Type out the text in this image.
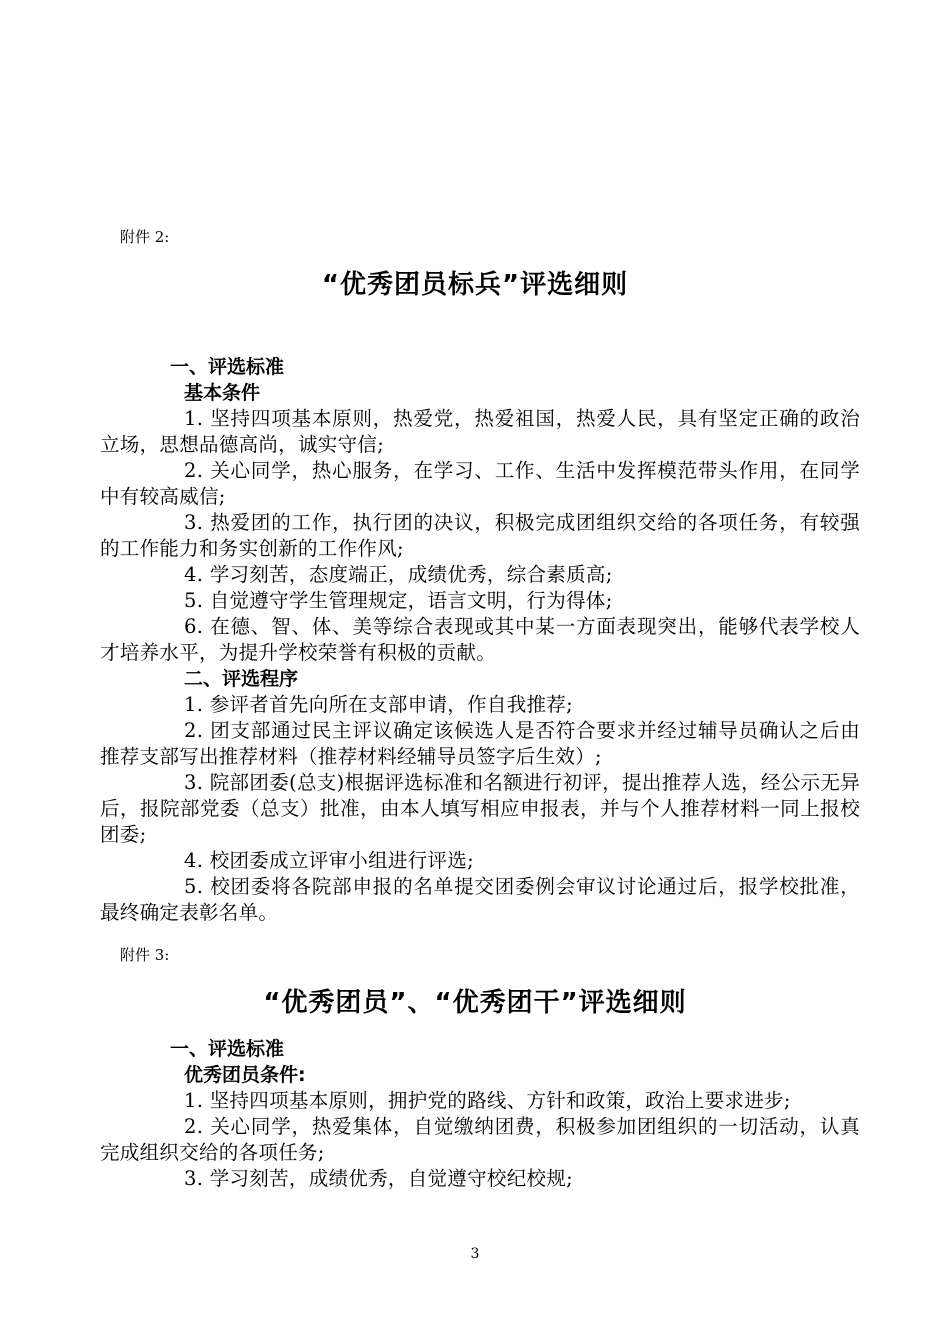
附件 2:
“优秀团员标兵”评选细则
一、评选标准
基本条件
1. 坚持四项基本原则，热爱党，热爱祖国，热爱人民，具有坚定正确的政治立场，思想品德高尚，诚实守信;
2. 关心同学，热心服务，在学习、工作、生活中发挥模范带头作用，在同学中有较高威信;
3. 热爱团的工作，执行团的决议，积极完成团组织交给的各项任务，有较强的工作能力和务实创新的工作作风;
4. 学习刻苦，态度端正，成绩优秀，综合素质高;
5. 自觉遵守学生管理规定，语言文明，行为得体;
6. 在德、智、体、美等综合表现或其中某一方面表现突出，能够代表学校人才培养水平，为提升学校荣誉有积极的贡献。
二、评选程序
1. 参评者首先向所在支部申请，作自我推荐;
2. 团支部通过民主评议确定该候选人是否符合要求并经过辅导员确认之后由推荐支部写出推荐材料（推荐材料经辅导员签字后生效）;
3. 院部团委(总支)根据评选标准和名额进行初评，提出推荐人选，经公示无异后，报院部党委（总支）批准，由本人填写相应申报表，并与个人推荐材料一同上报校团委;
4. 校团委成立评审小组进行评选;
5. 校团委将各院部申报的名单提交团委例会审议讨论通过后，报学校批准，最终确定表彰名单。
附件 3:
“优秀团员”、“优秀团干”评选细则
一、评选标准
优秀团员条件:
1. 坚持四项基本原则，拥护党的路线、方针和政策，政治上要求进步;
2. 关心同学，热爱集体，自觉缴纳团费，积极参加团组织的一切活动，认真完成组织交给的各项任务;
3. 学习刻苦，成绩优秀，自觉遵守校纪校规;
3
